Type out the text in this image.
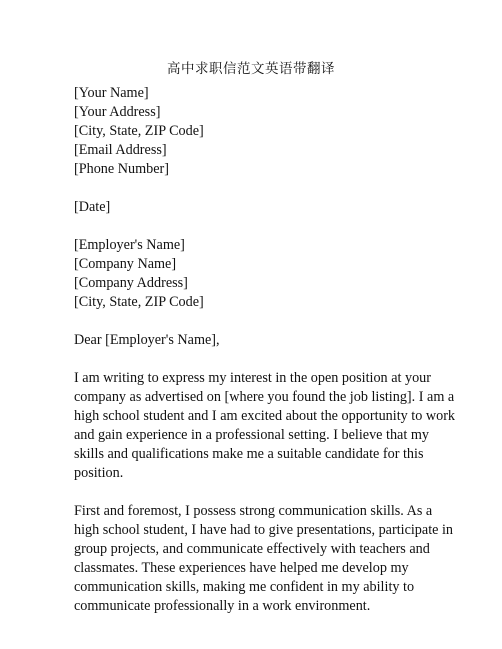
高中求职信范文英语带翻译
[Your Name]
[Your Address]
[City, State, ZIP Code]
[Email Address]
[Phone Number]
[Date]
[Employer's Name]
[Company Name]
[Company Address]
[City, State, ZIP Code]
Dear [Employer's Name],
I am writing to express my interest in the open position at your
company as advertised on [where you found the job listing]. I am a
high school student and I am excited about the opportunity to work
and gain experience in a professional setting. I believe that my
skills and qualifications make me a suitable candidate for this
position.
First and foremost, I possess strong communication skills. As a
high school student, I have had to give presentations, participate in
group projects, and communicate effectively with teachers and
classmates. These experiences have helped me develop my
communication skills, making me confident in my ability to
communicate professionally in a work environment.
